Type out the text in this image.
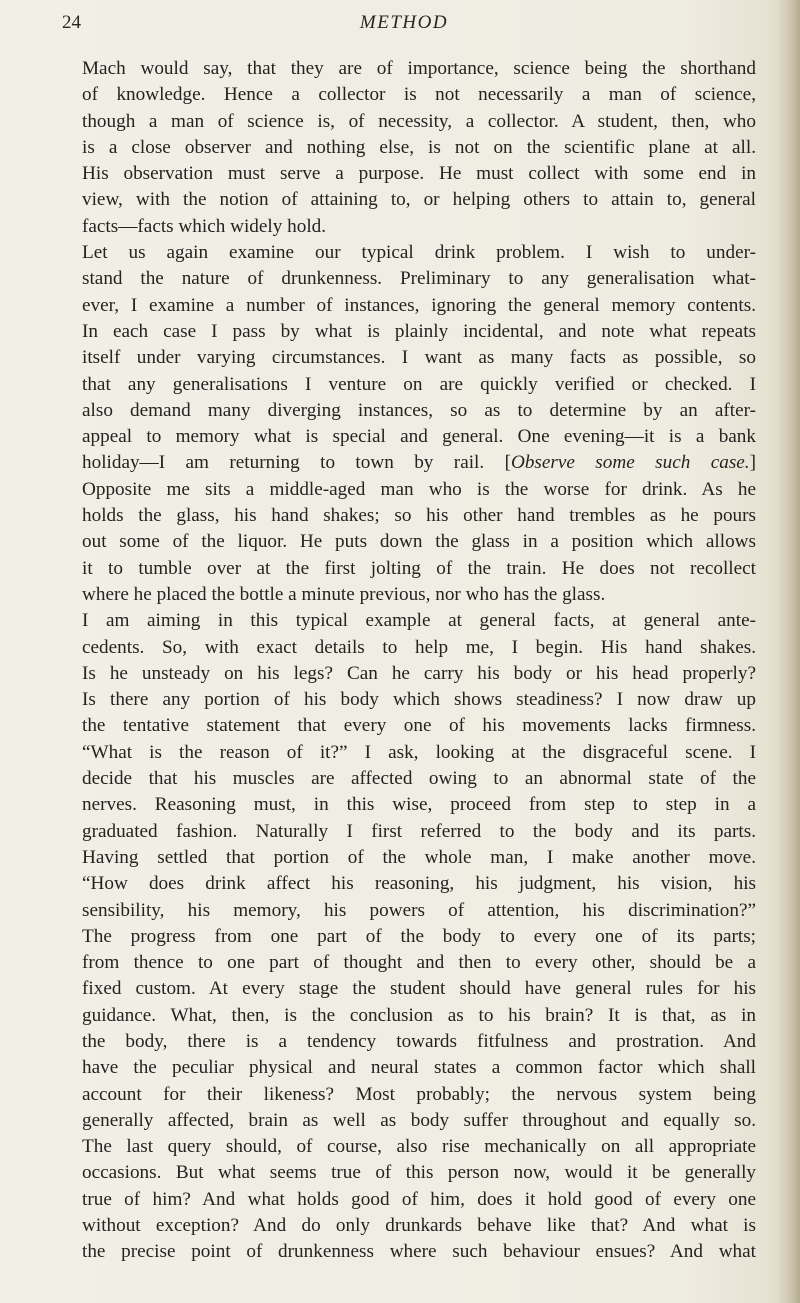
24	METHOD
Mach would say, that they are of importance, science being the shorthand
of knowledge. Hence a collector is not necessarily a man of science,
though a man of science is, of necessity, a collector. A student, then, who
is a close observer and nothing else, is not on the scientific plane at all.
His observation must serve a purpose. He must collect with some end in
view, with the notion of attaining to, or helping others to attain to, general
facts—facts which widely hold.
Let us again examine our typical drink problem. I wish to under-
stand the nature of drunkenness. Preliminary to any generalisation what-
ever, I examine a number of instances, ignoring the general memory contents.
In each case I pass by what is plainly incidental, and note what repeats
itself under varying circumstances. I want as many facts as possible, so
that any generalisations I venture on are quickly verified or checked. I
also demand many diverging instances, so as to determine by an after-
appeal to memory what is special and general. One evening—it is a bank
holiday—I am returning to town by rail. [Observe some such case.]
Opposite me sits a middle-aged man who is the worse for drink. As he
holds the glass, his hand shakes; so his other hand trembles as he pours
out some of the liquor. He puts down the glass in a position which allows
it to tumble over at the first jolting of the train. He does not recollect
where he placed the bottle a minute previous, nor who has the glass.
I am aiming in this typical example at general facts, at general ante-
cedents. So, with exact details to help me, I begin. His hand shakes.
Is he unsteady on his legs? Can he carry his body or his head properly?
Is there any portion of his body which shows steadiness? I now draw up
the tentative statement that every one of his movements lacks firmness.
“What is the reason of it?” I ask, looking at the disgraceful scene. I
decide that his muscles are affected owing to an abnormal state of the
nerves. Reasoning must, in this wise, proceed from step to step in a
graduated fashion. Naturally I first referred to the body and its parts.
Having settled that portion of the whole man, I make another move.
“How does drink affect his reasoning, his judgment, his vision, his
sensibility, his memory, his powers of attention, his discrimination?”
The progress from one part of the body to every one of its parts;
from thence to one part of thought and then to every other, should be a
fixed custom. At every stage the student should have general rules for his
guidance. What, then, is the conclusion as to his brain? It is that, as in
the body, there is a tendency towards fitfulness and prostration. And
have the peculiar physical and neural states a common factor which shall
account for their likeness? Most probably; the nervous system being
generally affected, brain as well as body suffer throughout and equally so.
The last query should, of course, also rise mechanically on all appropriate
occasions. But what seems true of this person now, would it be generally
true of him? And what holds good of him, does it hold good of every one
without exception? And do only drunkards behave like that? And what is
the precise point of drunkenness where such behaviour ensues? And what
